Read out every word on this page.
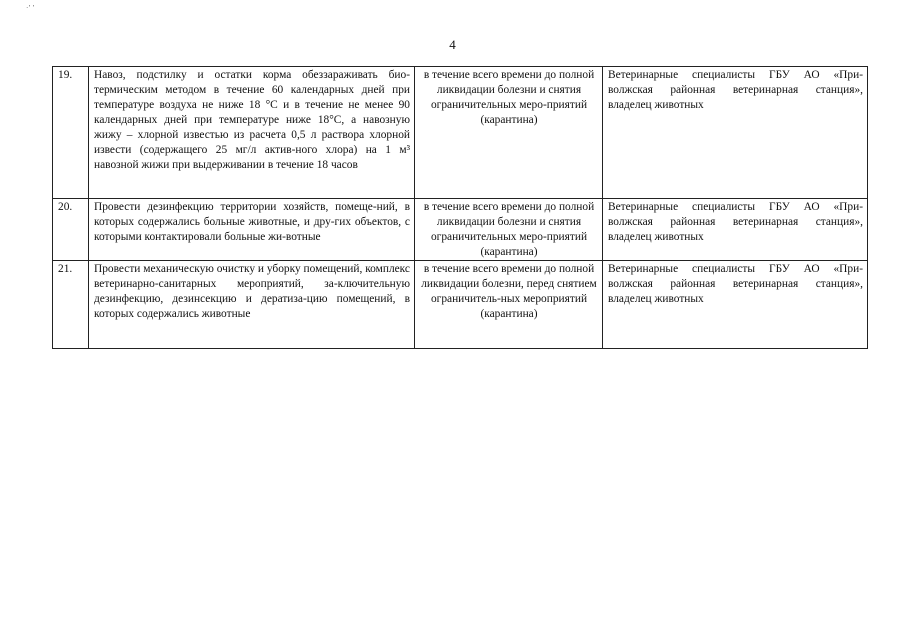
·ʼ ʼ
4
19.	Навоз, подстилку и остатки корма обеззараживать био-термическим методом в течение 60 календарных дней при температуре воздуха не ниже 18 °С и в течение не менее 90 календарных дней при температуре ниже 18°С, а навозную жижу – хлорной известью из расчета 0,5 л раствора хлорной извести (содержащего 25 мг/л актив-ного хлора) на 1 м³ навозной жижи при выдерживании в течение 18 часов	в течение всего времени до полной ликвидации болезни и снятия ограничительных меро-приятий (карантина)	Ветеринарные специалисты ГБУ АО «При-волжская районная ветеринарная станция», владелец животных
20.	Провести дезинфекцию территории хозяйств, помеще-ний, в которых содержались больные животные, и дру-гих объектов, с которыми контактировали больные жи-вотные	в течение всего времени до полной ликвидации болезни и снятия ограничительных меро-приятий (карантина)	Ветеринарные специалисты ГБУ АО «При-волжская районная ветеринарная станция», владелец животных
21.	Провести механическую очистку и уборку помещений, комплекс ветеринарно-санитарных мероприятий, за-ключительную дезинфекцию, дезинсекцию и дератиза-цию помещений, в которых содержались животные	в течение всего времени до полной ликвидации болезни, перед снятием ограничитель-ных мероприятий (карантина)	Ветеринарные специалисты ГБУ АО «При-волжская районная ветеринарная станция», владелец животных
